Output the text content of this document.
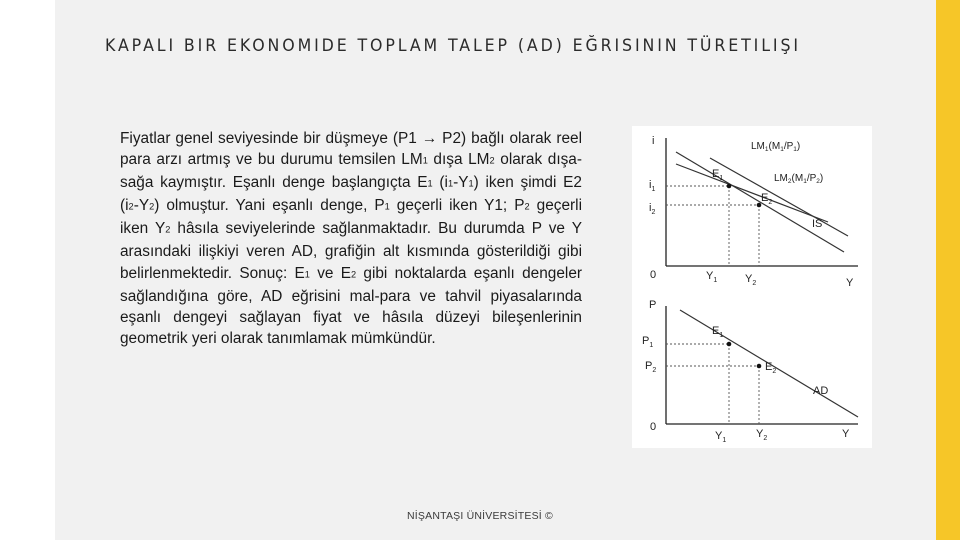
KAPALI BIR EKONOMIDE TOPLAM TALEP (AD) EĞRISININ TÜRETILIŞI
Fiyatlar genel seviyesinde bir düşmeye (P1 → P2) bağlı olarak reel para arzı artmış ve bu durumu temsilen $LM_1$ dışa $LM_2$ olarak dışa-sağa kaymıştır. Eşanlı denge başlangıçta $E_1$ $(i_1-Y_1)$ iken şimdi E2 $(i_2-Y_2)$ olmuştur. Yani eşanlı denge, $P_1$ geçerli iken Y1; $P_2$ geçerli iken $Y_2$ hâsıla seviyelerinde sağlanmaktadır. Bu durumda P ve Y arasındaki ilişkiyi veren AD, grafiğin alt kısmında gösterildiği gibi belirlenmektedir. Sonuç: $E_1$ ve $E_2$ gibi noktalarda eşanlı dengeler sağlandığına göre, AD eğrisini mal-para ve tahvil piyasalarında eşanlı dengeyi sağlayan fiyat ve hâsıla düzeyi bileşenlerinin geometrik yeri olarak tanımlamak mümkündür.
i
0
Y
$i_1$
$i_2$
$LM_1(M_1/P_1)$
$LM_2(M_1/P_2)$
IS
$E_1$
$E_2$
$Y_1$	$Y_2$
P
0
Y
AD
$P_1$
$P_2$
$E_1$
$E_2$
$Y_1$
$Y_2$
NİŞANTAŞI ÜNİVERSİTESİ ©
